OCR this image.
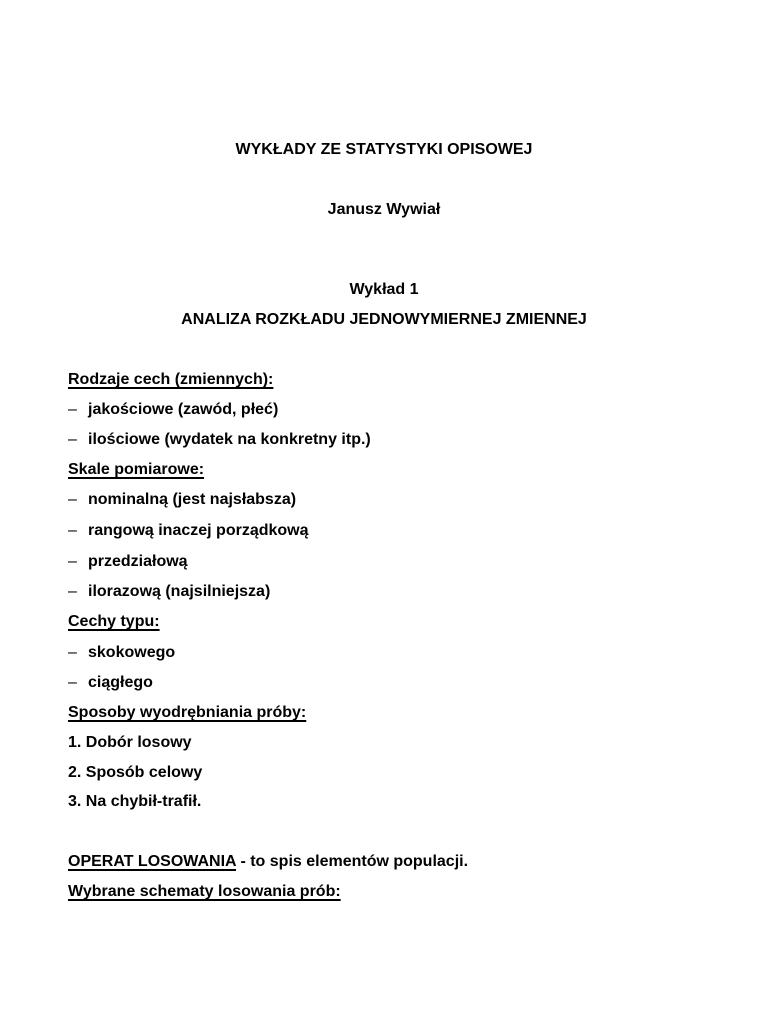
WYKŁADY ZE STATYSTYKI OPISOWEJ
Janusz Wywiał
Wykład 1
ANALIZA ROZKŁADU JEDNOWYMIERNEJ ZMIENNEJ
Rodzaje cech (zmiennych):
– jakościowe (zawód, płeć)
– ilościowe (wydatek na konkretny itp.)
Skale pomiarowe:
– nominalną (jest najsłabsza)
– rangową inaczej porządkową
– przedziałową
– ilorazową (najsilniejsza)
Cechy typu:
– skokowego
– ciągłego
Sposoby wyodrębniania próby:
1. Dobór losowy
2. Sposób celowy
3. Na chybił-trafił.
OPERAT LOSOWANIA - to spis elementów populacji.
Wybrane schematy losowania prób:
